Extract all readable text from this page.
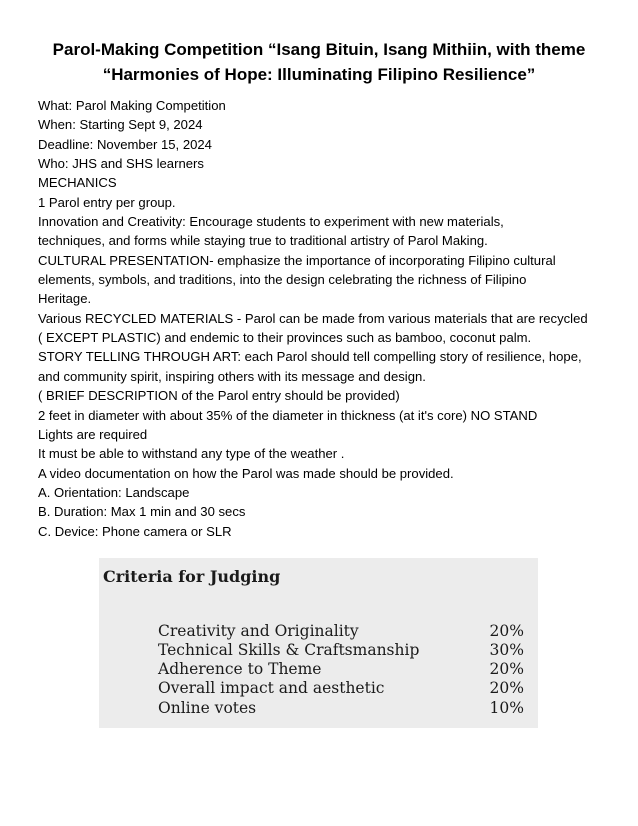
Parol-Making Competition “Isang Bituin, Isang Mithiin, with theme
“Harmonies of Hope: Illuminating Filipino Resilience”
What: Parol Making Competition
When: Starting Sept 9, 2024
Deadline: November 15, 2024
Who: JHS and SHS learners
MECHANICS
1 Parol entry per group.
Innovation and Creativity: Encourage students to experiment with new materials,
techniques, and forms while staying true to traditional artistry of Parol Making.
CULTURAL PRESENTATION- emphasize the importance of incorporating Filipino cultural
elements, symbols, and traditions, into the design celebrating the richness of Filipino
Heritage.
Various RECYCLED MATERIALS - Parol can be made from various materials that are recycled
( EXCEPT PLASTIC) and endemic to their provinces such as bamboo, coconut palm.
STORY TELLING THROUGH ART: each Parol should tell compelling story of resilience, hope,
and community spirit, inspiring others with its message and design.
( BRIEF DESCRIPTION of the Parol entry should be provided)
2 feet in diameter with about 35% of the diameter in thickness (at it's core) NO STAND
Lights are required
It must be able to withstand any type of the weather .
A video documentation on how the Parol was made should be provided.
A. Orientation: Landscape
B. Duration: Max 1 min and 30 secs
C. Device: Phone camera or SLR
Criteria for Judging
Creativity and Originality	20%
Technical Skills & Craftsmanship	30%
Adherence to Theme	20%
Overall impact and aesthetic	20%
Online votes	10%
